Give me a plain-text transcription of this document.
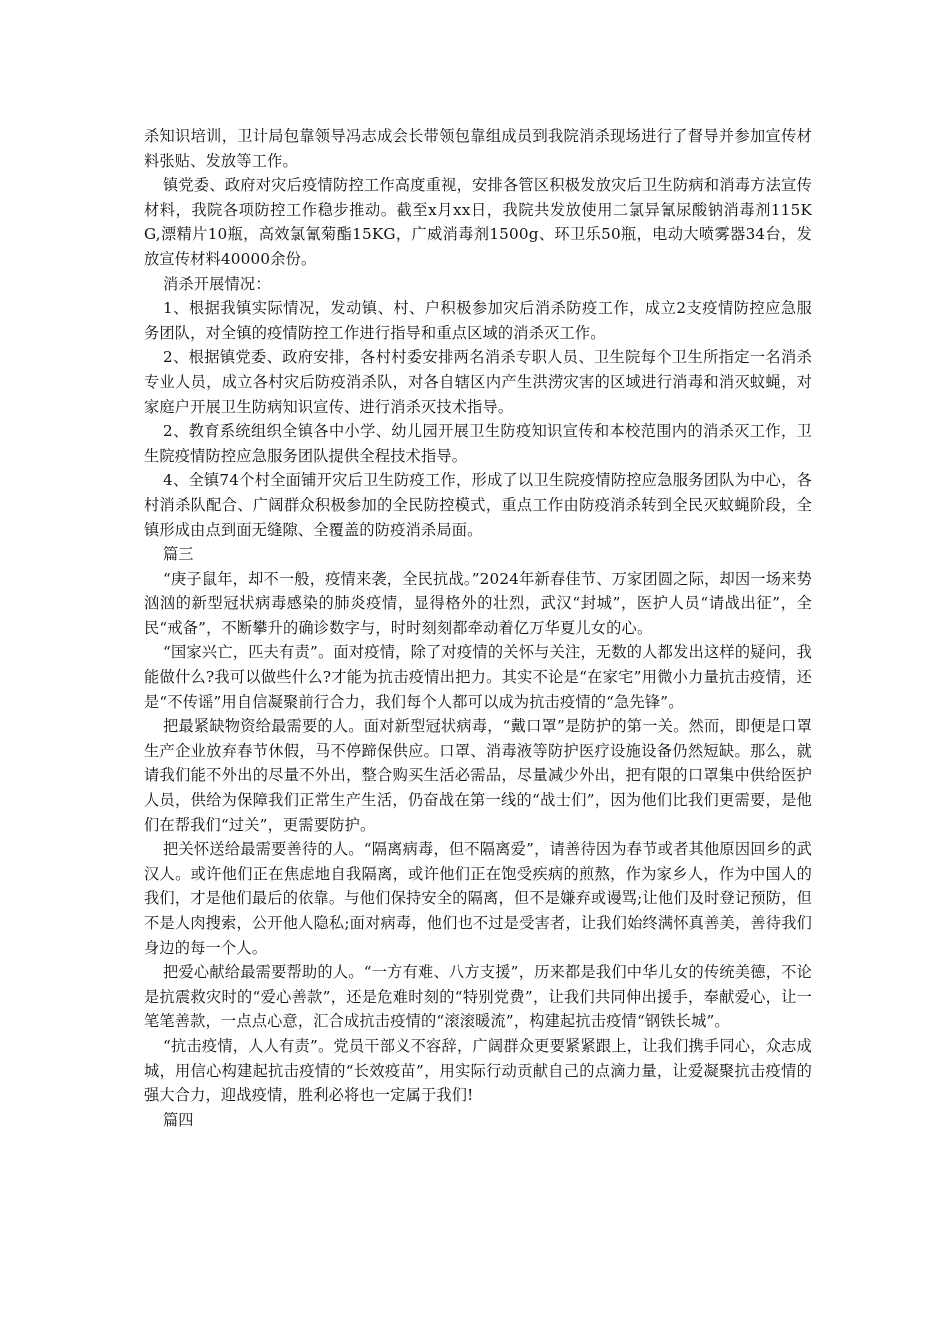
杀知识培训，卫计局包靠领导冯志成会长带领包靠组成员到我院消杀现场进行了督导并参加宣传材料张贴、发放等工作。

镇党委、政府对灾后疫情防控工作高度重视，安排各管区积极发放灾后卫生防病和消毒方法宣传材料，我院各项防控工作稳步推动。截至x月xx日，我院共发放使用二氯异氰尿酸钠消毒剂115KG,漂精片10瓶，高效氯氰菊酯15KG，广威消毒剂1500g、环卫乐50瓶，电动大喷雾器34台，发放宣传材料40000余份。

消杀开展情况：

1、根据我镇实际情况，发动镇、村、户积极参加灾后消杀防疫工作，成立2支疫情防控应急服务团队，对全镇的疫情防控工作进行指导和重点区域的消杀灭工作。

2、根据镇党委、政府安排，各村村委安排两名消杀专职人员、卫生院每个卫生所指定一名消杀专业人员，成立各村灾后防疫消杀队，对各自辖区内产生洪涝灾害的区域进行消毒和消灭蚊蝇，对家庭户开展卫生防病知识宣传、进行消杀灭技术指导。

2、教育系统组织全镇各中小学、幼儿园开展卫生防疫知识宣传和本校范围内的消杀灭工作，卫生院疫情防控应急服务团队提供全程技术指导。

4、全镇74个村全面铺开灾后卫生防疫工作，形成了以卫生院疫情防控应急服务团队为中心，各村消杀队配合、广阔群众积极参加的全民防控模式，重点工作由防疫消杀转到全民灭蚊蝇阶段，全镇形成由点到面无缝隙、全覆盖的防疫消杀局面。

篇三

“庚子鼠年，却不一般，疫情来袭，全民抗战。”2024年新春佳节、万家团圆之际，却因一场来势汹汹的新型冠状病毒感染的肺炎疫情，显得格外的壮烈，武汉“封城”，医护人员“请战出征”，全民“戒备”，不断攀升的确诊数字与，时时刻刻都牵动着亿万华夏儿女的心。

“国家兴亡，匹夫有责”。面对疫情，除了对疫情的关怀与关注，无数的人都发出这样的疑问，我能做什么?我可以做些什么?才能为抗击疫情出把力。其实不论是“在家宅”用微小力量抗击疫情，还是“不传谣”用自信凝聚前行合力，我们每个人都可以成为抗击疫情的“急先锋”。

把最紧缺物资给最需要的人。面对新型冠状病毒，“戴口罩”是防护的第一关。然而，即便是口罩生产企业放弃春节休假，马不停蹄保供应。口罩、消毒液等防护医疗设施设备仍然短缺。那么，就请我们能不外出的尽量不外出，整合购买生活必需品，尽量减少外出，把有限的口罩集中供给医护人员，供给为保障我们正常生产生活，仍奋战在第一线的“战士们”，因为他们比我们更需要，是他们在帮我们“过关”，更需要防护。

把关怀送给最需要善待的人。“隔离病毒，但不隔离爱”，请善待因为春节或者其他原因回乡的武汉人。或许他们正在焦虑地自我隔离，或许他们正在饱受疾病的煎熬，作为家乡人，作为中国人的我们，才是他们最后的依靠。与他们保持安全的隔离，但不是嫌弃或谩骂;让他们及时登记预防，但不是人肉搜索，公开他人隐私;面对病毒，他们也不过是受害者，让我们始终满怀真善美，善待我们身边的每一个人。

把爱心献给最需要帮助的人。“一方有难、八方支援”，历来都是我们中华儿女的传统美德，不论是抗震救灾时的“爱心善款”，还是危难时刻的“特别党费”，让我们共同伸出援手，奉献爱心，让一笔笔善款，一点点心意，汇合成抗击疫情的“滚滚暖流”，构建起抗击疫情“钢铁长城”。

“抗击疫情，人人有责”。党员干部义不容辞，广阔群众更要紧紧跟上，让我们携手同心，众志成城，用信心构建起抗击疫情的“长效疫苗”，用实际行动贡献自己的点滴力量，让爱凝聚抗击疫情的强大合力，迎战疫情，胜利必将也一定属于我们!

篇四
